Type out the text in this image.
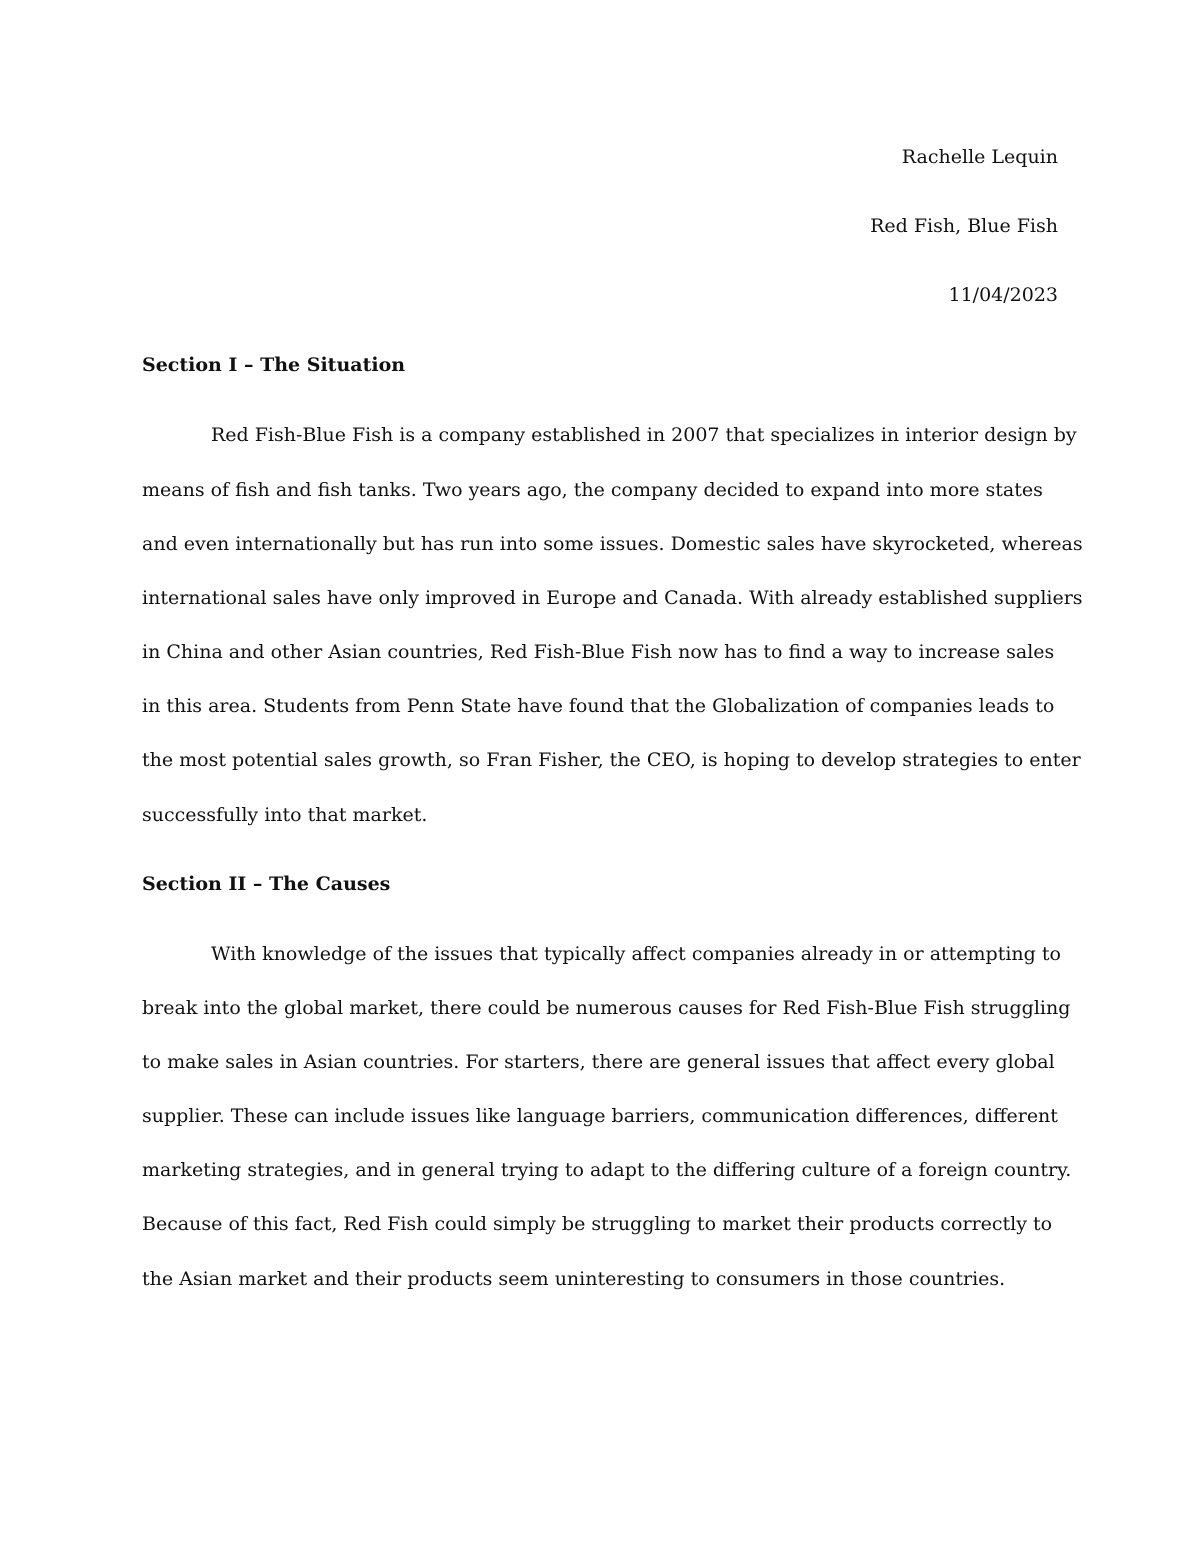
Rachelle Lequin
Red Fish, Blue Fish
11/04/2023
Section I – The Situation
Red Fish-Blue Fish is a company established in 2007 that specializes in interior design by
means of fish and fish tanks. Two years ago, the company decided to expand into more states
and even internationally but has run into some issues. Domestic sales have skyrocketed, whereas
international sales have only improved in Europe and Canada. With already established suppliers
in China and other Asian countries, Red Fish-Blue Fish now has to find a way to increase sales
in this area. Students from Penn State have found that the Globalization of companies leads to
the most potential sales growth, so Fran Fisher, the CEO, is hoping to develop strategies to enter
successfully into that market.
Section II – The Causes
With knowledge of the issues that typically affect companies already in or attempting to
break into the global market, there could be numerous causes for Red Fish-Blue Fish struggling
to make sales in Asian countries. For starters, there are general issues that affect every global
supplier. These can include issues like language barriers, communication differences, different
marketing strategies, and in general trying to adapt to the differing culture of a foreign country.
Because of this fact, Red Fish could simply be struggling to market their products correctly to
the Asian market and their products seem uninteresting to consumers in those countries.
